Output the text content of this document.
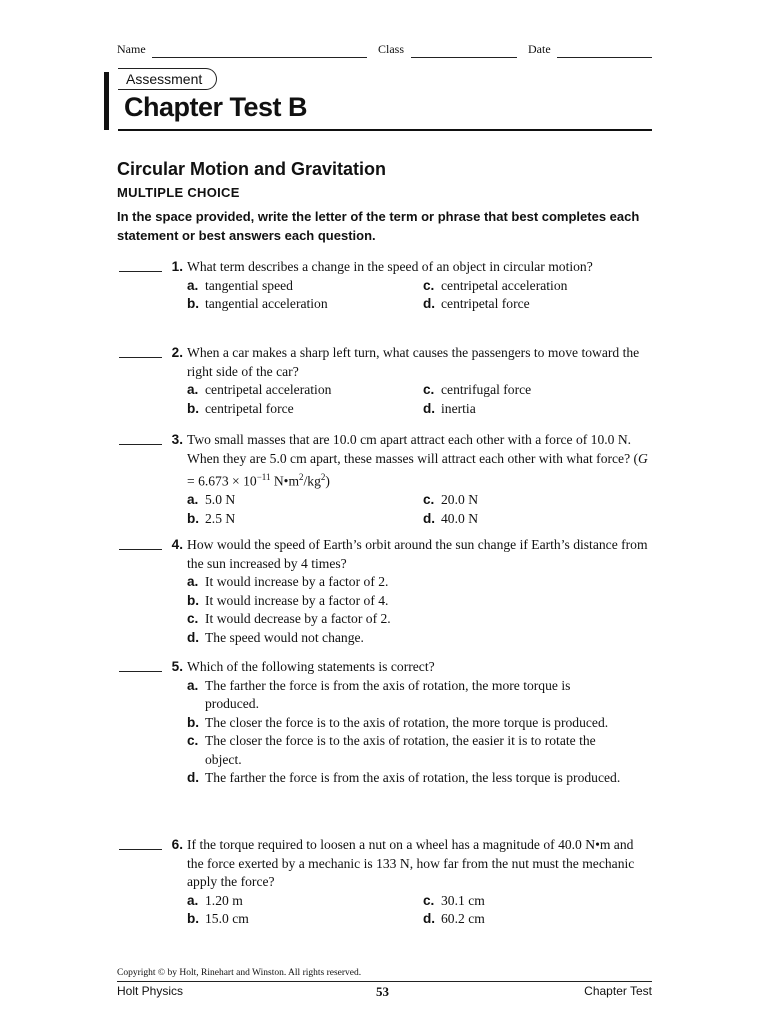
Name	Class	Date
Assessment
Chapter Test B
Circular Motion and Gravitation
MULTIPLE CHOICE
In the space provided, write the letter of the term or phrase that best completes each statement or best answers each question.
1. What term describes a change in the speed of an object in circular motion?
a. tangential speed	c. centripetal acceleration
b. tangential acceleration	d. centripetal force
2. When a car makes a sharp left turn, what causes the passengers to move toward the right side of the car?
a. centripetal acceleration	c. centrifugal force
b. centripetal force	d. inertia
3. Two small masses that are 10.0 cm apart attract each other with a force of 10.0 N. When they are 5.0 cm apart, these masses will attract each other with what force? ($G = 6.673 \times 10^{-11}$ $N•m^2/kg^2$)
a. 5.0 N	c. 20.0 N
b. 2.5 N	d. 40.0 N
4. How would the speed of Earth’s orbit around the sun change if Earth’s distance from the sun increased by 4 times?
a. It would increase by a factor of 2.
b. It would increase by a factor of 4.
c. It would decrease by a factor of 2.
d. The speed would not change.
5. Which of the following statements is correct?
a. The farther the force is from the axis of rotation, the more torque is produced.
b. The closer the force is to the axis of rotation, the more torque is produced.
c. The closer the force is to the axis of rotation, the easier it is to rotate the object.
d. The farther the force is from the axis of rotation, the less torque is produced.
6. If the torque required to loosen a nut on a wheel has a magnitude of 40.0 N•m and the force exerted by a mechanic is 133 N, how far from the nut must the mechanic apply the force?
a. 1.20 m	c. 30.1 cm
b. 15.0 cm	d. 60.2 cm
Copyright © by Holt, Rinehart and Winston. All rights reserved.
Holt Physics	53	Chapter Test
